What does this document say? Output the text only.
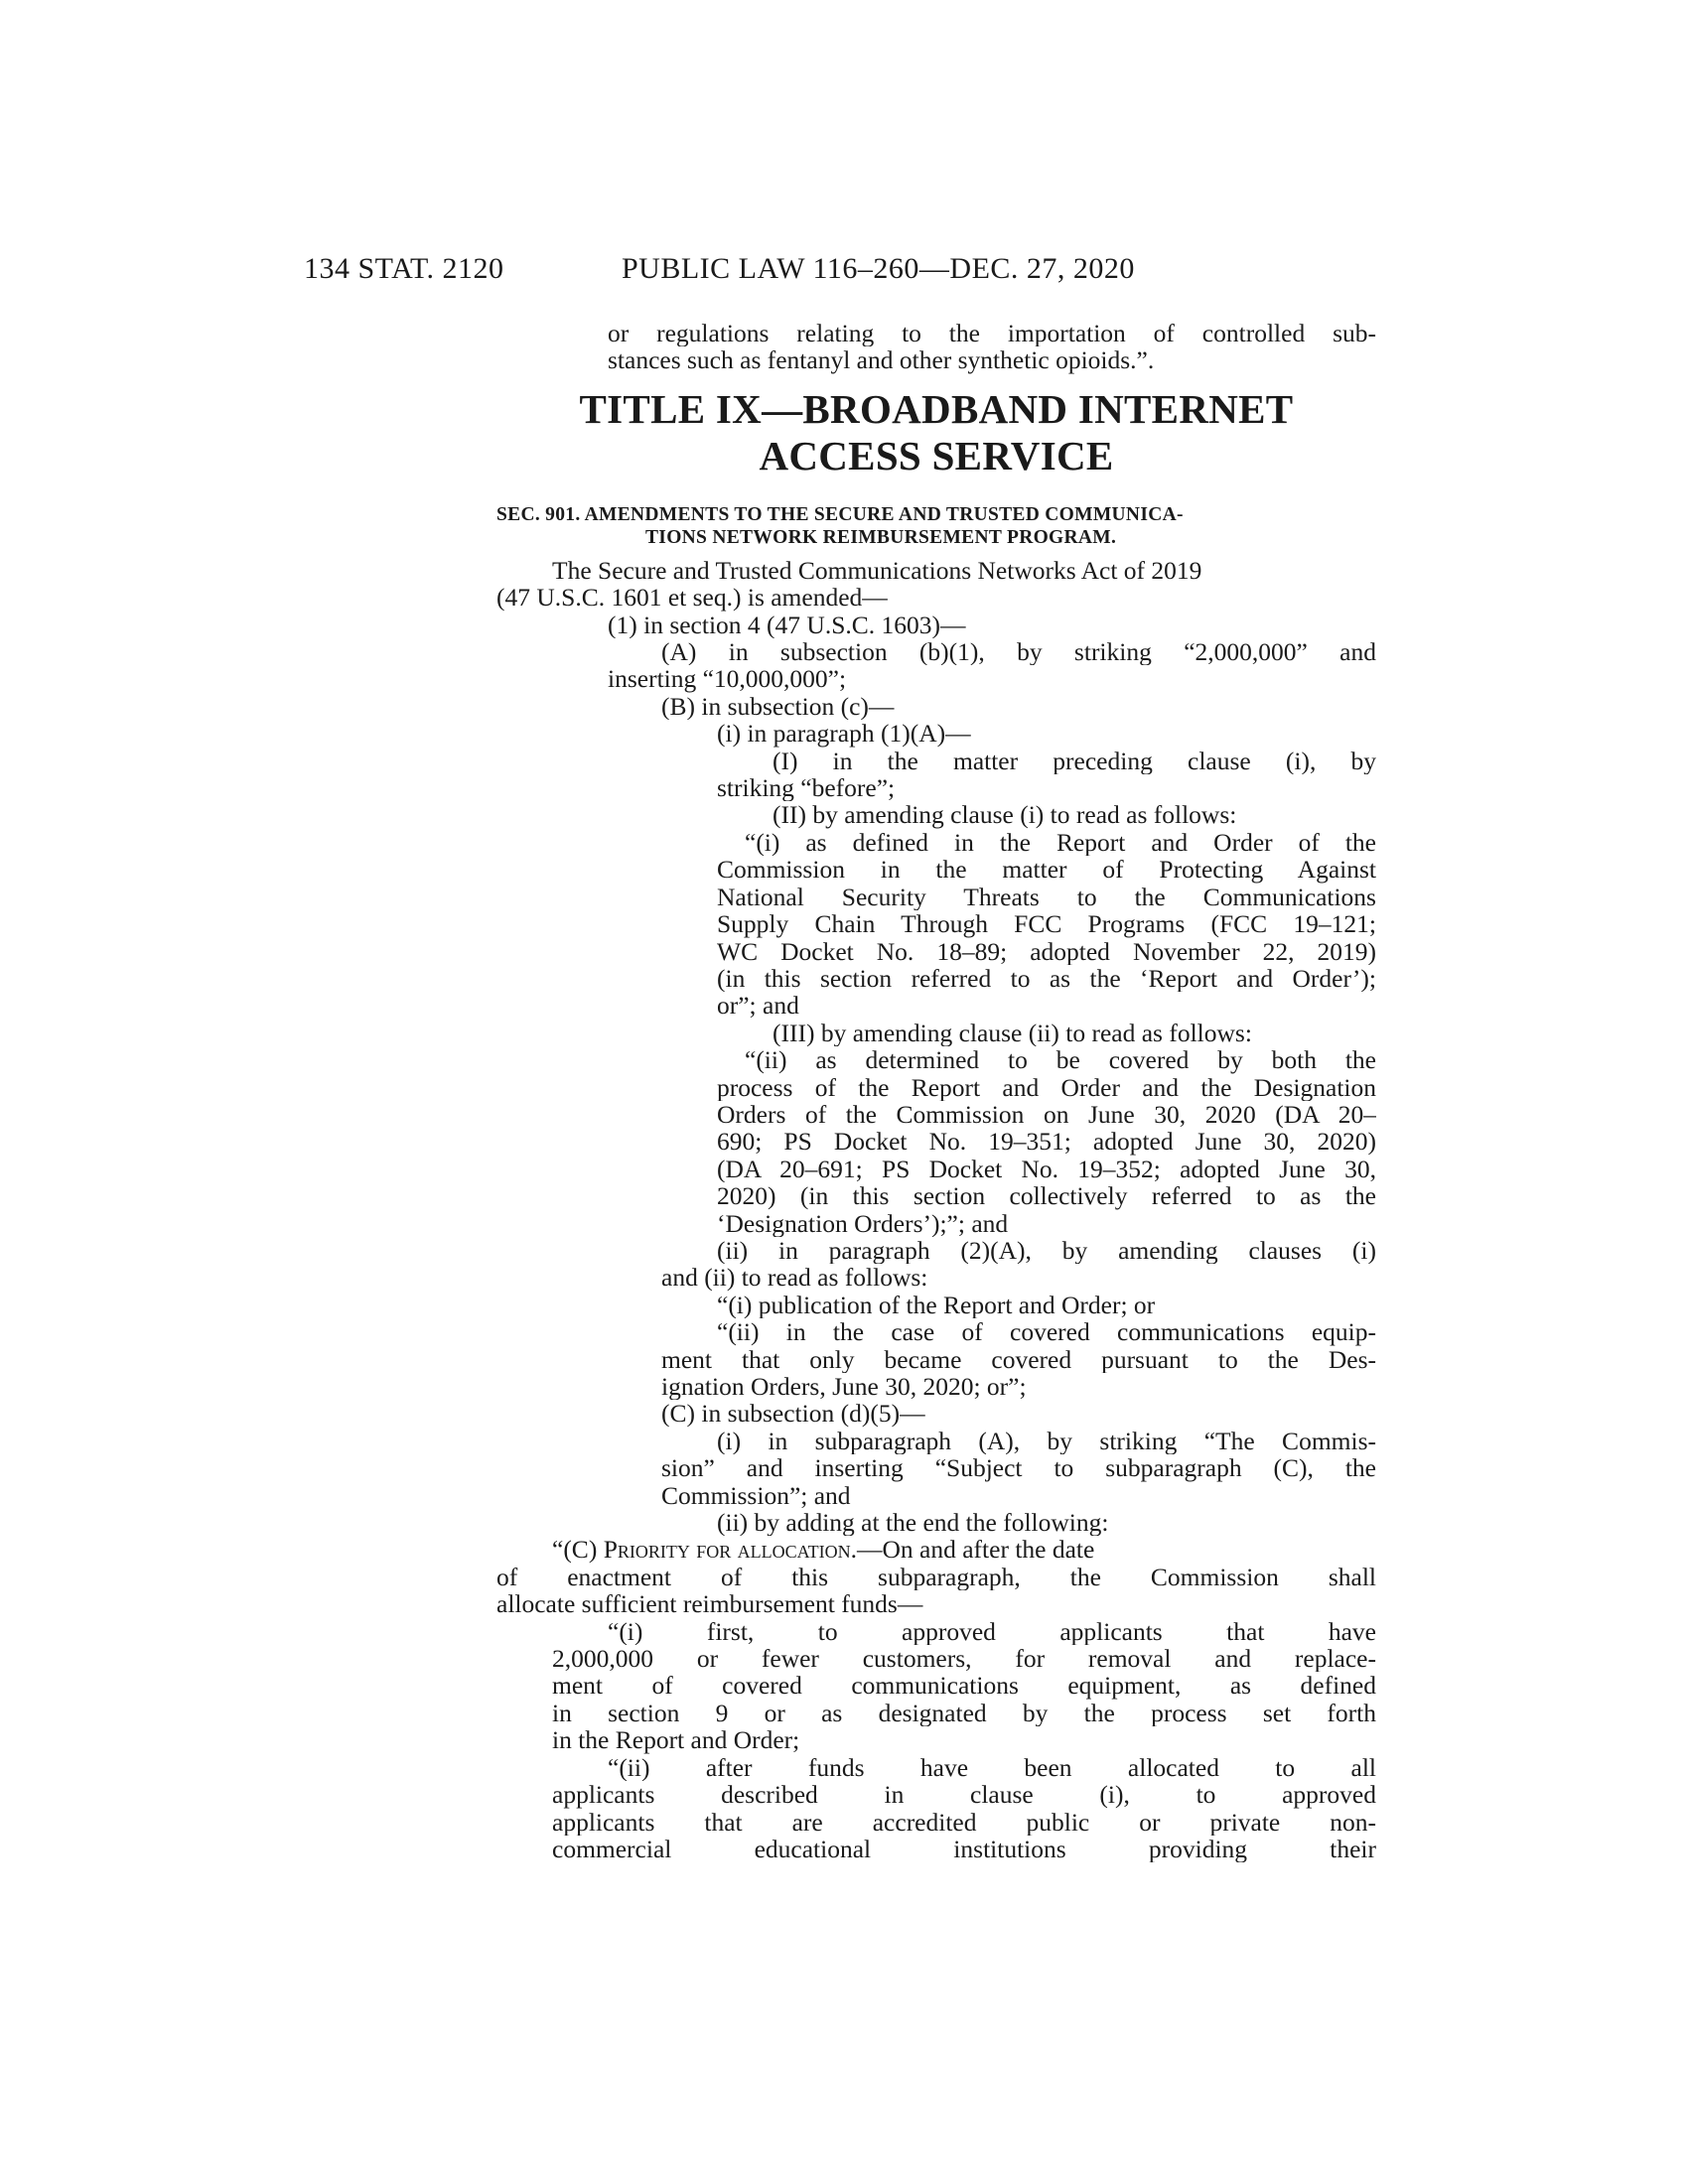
134 STAT. 2120	PUBLIC LAW 116–260—DEC. 27, 2020
or regulations relating to the importation of controlled sub-
stances such as fentanyl and other synthetic opioids.”.
TITLE IX—BROADBAND INTERNET
ACCESS SERVICE
SEC. 901. AMENDMENTS TO THE SECURE AND TRUSTED COMMUNICA-
TIONS NETWORK REIMBURSEMENT PROGRAM.
The Secure and Trusted Communications Networks Act of 2019
(47 U.S.C. 1601 et seq.) is amended—
(1) in section 4 (47 U.S.C. 1603)—
(A) in subsection (b)(1), by striking “2,000,000” and
inserting “10,000,000”;
(B) in subsection (c)—
(i) in paragraph (1)(A)—
(I) in the matter preceding clause (i), by
striking “before”;
(II) by amending clause (i) to read as follows:
“(i) as defined in the Report and Order of the
Commission in the matter of Protecting Against
National Security Threats to the Communications
Supply Chain Through FCC Programs (FCC 19–121;
WC Docket No. 18–89; adopted November 22, 2019)
(in this section referred to as the ‘Report and Order’);
or”; and
(III) by amending clause (ii) to read as follows:
“(ii) as determined to be covered by both the
process of the Report and Order and the Designation
Orders of the Commission on June 30, 2020 (DA 20–
690; PS Docket No. 19–351; adopted June 30, 2020)
(DA 20–691; PS Docket No. 19–352; adopted June 30,
2020) (in this section collectively referred to as the
‘Designation Orders’);”; and
(ii) in paragraph (2)(A), by amending clauses (i)
and (ii) to read as follows:
“(i) publication of the Report and Order; or
“(ii) in the case of covered communications equip-
ment that only became covered pursuant to the Des-
ignation Orders, June 30, 2020; or”;
(C) in subsection (d)(5)—
(i) in subparagraph (A), by striking “The Commis-
sion” and inserting “Subject to subparagraph (C), the
Commission”; and
(ii) by adding at the end the following:
“(C) Priority for allocation.—On and after the date
of enactment of this subparagraph, the Commission shall
allocate sufficient reimbursement funds—
“(i) first, to approved applicants that have
2,000,000 or fewer customers, for removal and replace-
ment of covered communications equipment, as defined
in section 9 or as designated by the process set forth
in the Report and Order;
“(ii) after funds have been allocated to all
applicants described in clause (i), to approved
applicants that are accredited public or private non-
commercial educational institutions providing their
